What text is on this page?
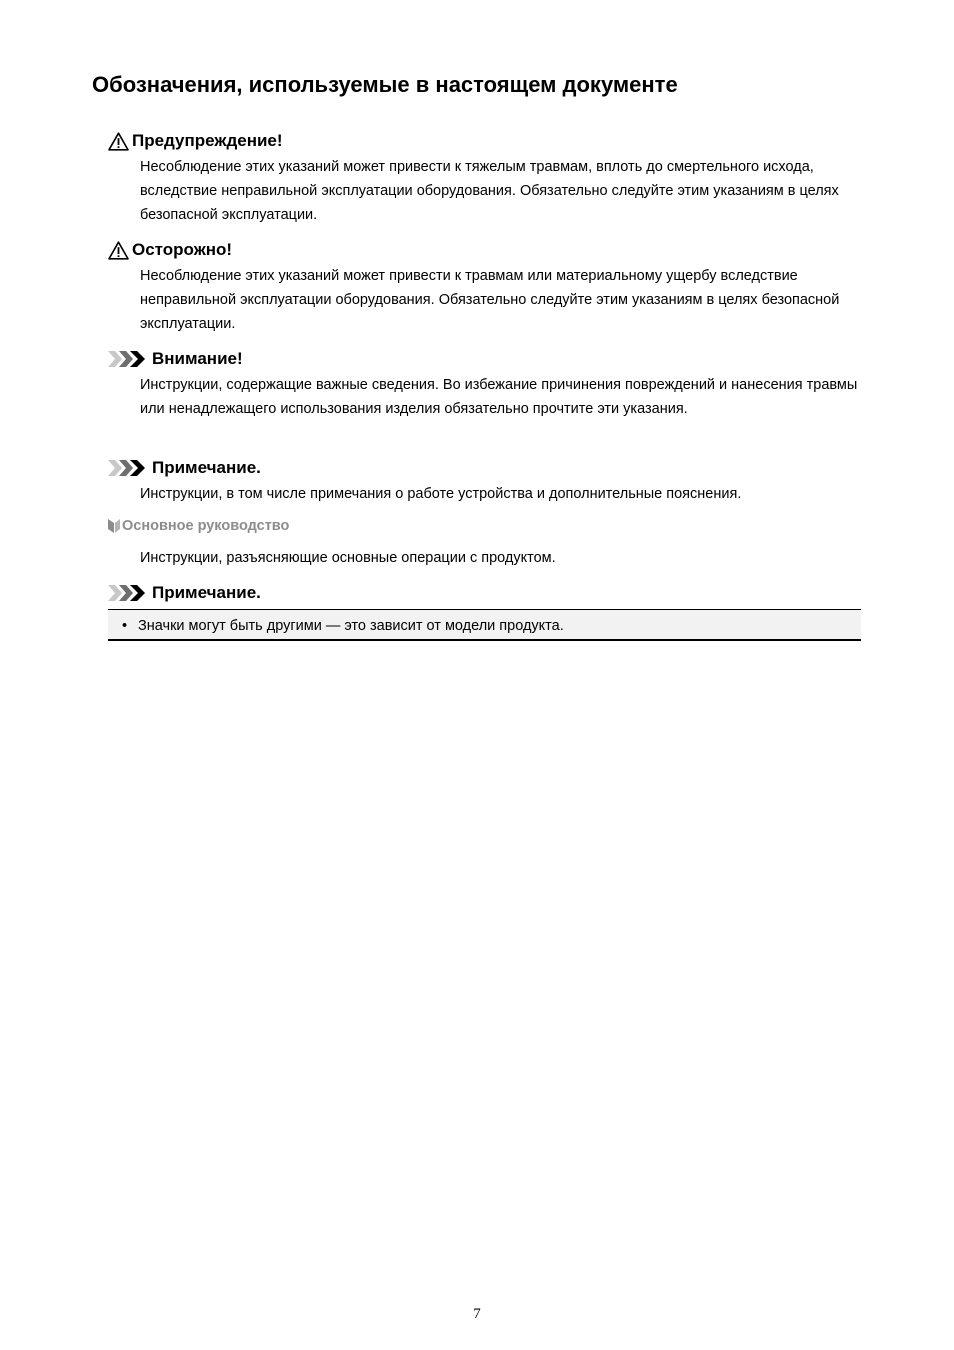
Обозначения, используемые в настоящем документе
Предупреждение!

Несоблюдение этих указаний может привести к тяжелым травмам, вплоть до смертельного исхода, вследствие неправильной эксплуатации оборудования. Обязательно следуйте этим указаниям в целях безопасной эксплуатации.

Осторожно!

Несоблюдение этих указаний может привести к травмам или материальному ущербу вследствие неправильной эксплуатации оборудования. Обязательно следуйте этим указаниям в целях безопасной эксплуатации.

Внимание!

Инструкции, содержащие важные сведения. Во избежание причинения повреждений и нанесения травмы или ненадлежащего использования изделия обязательно прочтите эти указания.

Примечание.

Инструкции, в том числе примечания о работе устройства и дополнительные пояснения.

Основное руководство

Инструкции, разъясняющие основные операции с продуктом.

Примечание.
• Значки могут быть другими — это зависит от модели продукта.
7
